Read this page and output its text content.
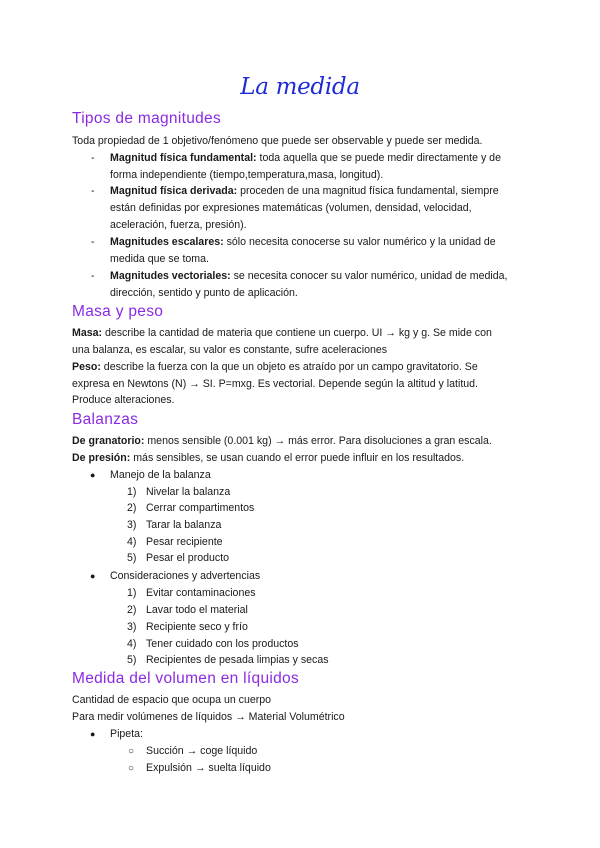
La medida
Tipos de magnitudes
Toda propiedad de 1 objetivo/fenómeno que puede ser observable y puede ser medida.
- Magnitud física fundamental: toda aquella que se puede medir directamente y de
forma independiente (tiempo,temperatura,masa, longitud).
- Magnitud física derivada: proceden de una magnitud física fundamental, siempre
están definidas por expresiones matemáticas (volumen, densidad, velocidad,
aceleración, fuerza, presión).
- Magnitudes escalares: sólo necesita conocerse su valor numérico y la unidad de
medida que se toma.
- Magnitudes vectoriales: se necesita conocer su valor numérico, unidad de medida,
dirección, sentido y punto de aplicación.
Masa y peso
Masa: describe la cantidad de materia que contiene un cuerpo. UI → kg y g. Se mide con
una balanza, es escalar, su valor es constante, sufre aceleraciones
Peso: describe la fuerza con la que un objeto es atraído por un campo gravitatorio. Se
expresa en Newtons (N) → SI. P=mxg. Es vectorial. Depende según la altitud y latitud.
Produce alteraciones.
Balanzas
De granatorio: menos sensible (0.001 kg) → más error. Para disoluciones a gran escala.
De presión: más sensibles, se usan cuando el error puede influir en los resultados.
● Manejo de la balanza
1) Nivelar la balanza
2) Cerrar compartimentos
3) Tarar la balanza
4) Pesar recipiente
5) Pesar el producto
● Consideraciones y advertencias
1) Evitar contaminaciones
2) Lavar todo el material
3) Recipiente seco y frío
4) Tener cuidado con los productos
5) Recipientes de pesada limpias y secas
Medida del volumen en líquidos
Cantidad de espacio que ocupa un cuerpo
Para medir volúmenes de líquidos → Material Volumétrico
● Pipeta:
○ Succión → coge líquido
○ Expulsión → suelta líquido
